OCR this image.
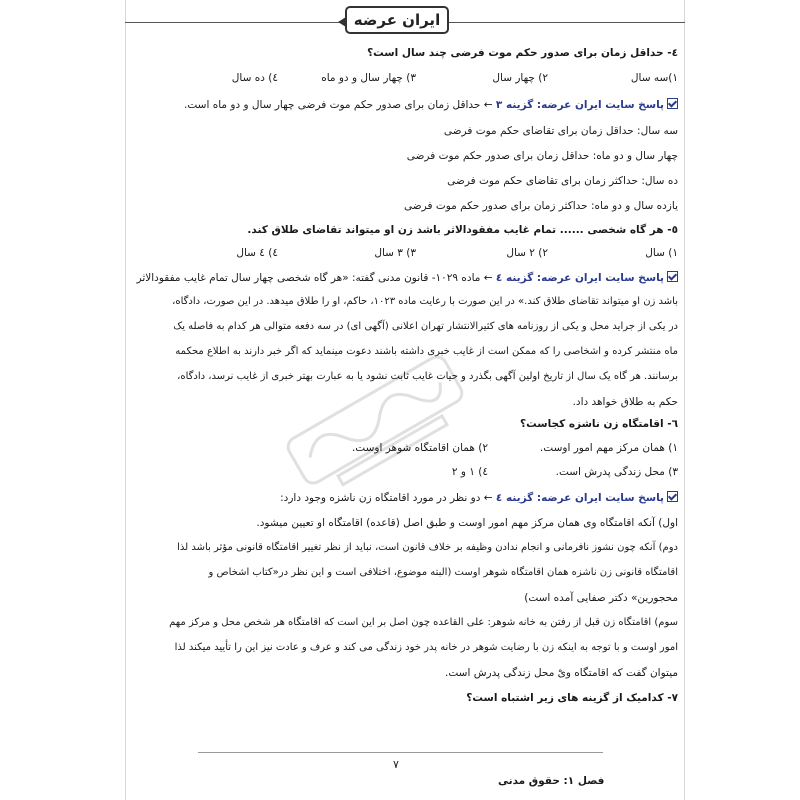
ایران عرضه
٤- حداقل زمان برای صدور حکم موت فرضی چند سال است؟
۱)سه سال
۲) چهار سال
۳) چهار سال و دو ماه
٤) ده سال
پاسخ سایت ایران عرضه: گزینه ۳ ← حداقل زمان برای صدور حکم موت فرضی چهار سال و دو ماه است.
سه سال: حداقل زمان برای تقاضای حکم موت فرضی
چهار سال و دو ماه: حداقل زمان برای صدور حکم موت فرضی
ده سال: حداکثر زمان برای تقاضای حکم موت فرضی
یازده سال و دو ماه: حداکثر زمان برای صدور حکم موت فرضی
٥- هر گاه شخصی ...... تمام غایب مفقودالاثر باشد زن او میتواند تقاضای طلاق کند.
۱) سال
۲) ۲ سال
۳) ۳ سال
٤) ٤ سال
پاسخ سایت ایران عرضه: گزینه ٤ ← ماده ۱۰۲۹- قانون مدنی گفته: «هر گاه شخصی چهار سال تمام غایب مفقودالاثر
باشد زن او میتواند تقاضای طلاق کند.» در این صورت با رعایت ماده ۱۰۲۳، حاکم، او را طلاق میدهد. در این صورت، دادگاه،
در یکی از جراید محل و یکی از روزنامه های کثیرالانتشار تهران اعلانی (آگهی ای) در سه دفعه متوالی هر کدام به فاصله یک
ماه منتشر کرده و اشخاصی را که ممکن است از غایب خبری داشته باشند دعوت مینماید که اگر خبر دارند به اطلاع محکمه
برسانند. هر گاه یک سال از تاریخ اولین آگهی بگذرد و حیات غایب ثابت نشود یا به عبارت بهتر خبری از غایب نرسد، دادگاه،
حکم به طلاق خواهد داد.
٦- اقامتگاه زن ناشزه کجاست؟
۱) همان مرکز مهم امور اوست.
۲) همان اقامتگاه شوهر اوست.
۳) محل زندگی پدرش است.
٤) ۱ و ۲
پاسخ سایت ایران عرضه: گزینه ٤ ← دو نظر در مورد اقامتگاه زن ناشزه وجود دارد:
اول) آنکه اقامتگاه وی همان مرکز مهم امور اوست و طبق اصل (قاعده) اقامتگاه او تعیین میشود.
دوم) آنکه چون نشوز نافرمانی و انجام ندادن وظیفه بر خلاف قانون است، نباید از نظر تغییر اقامتگاه قانونی مؤثر باشد لذا
اقامتگاه قانونی زن ناشزه همان اقامتگاه شوهر اوست (البته موضوع، اختلافی است و این نظر در«کتاب اشخاص و
محجورین» دکتر صفایی آمده است)
سوم) اقامتگاه زن قبل از رفتن به خانه شوهر: علی القاعده چون اصل بر این است که اقامتگاه هر شخص محل و مرکز مهم
امور اوست و با توجه به اینکه زن با رضایت شوهر در خانه پدر خود زندگی می کند و عرف و عادت نیز این را تأیید میکند لذا
میتوان گفت که اقامتگاه ویْ محل زندگی پدرش است.
٧- کدامیک از گزینه های زیر اشتباه است؟
٧
فصل ۱: حقوق مدنی
